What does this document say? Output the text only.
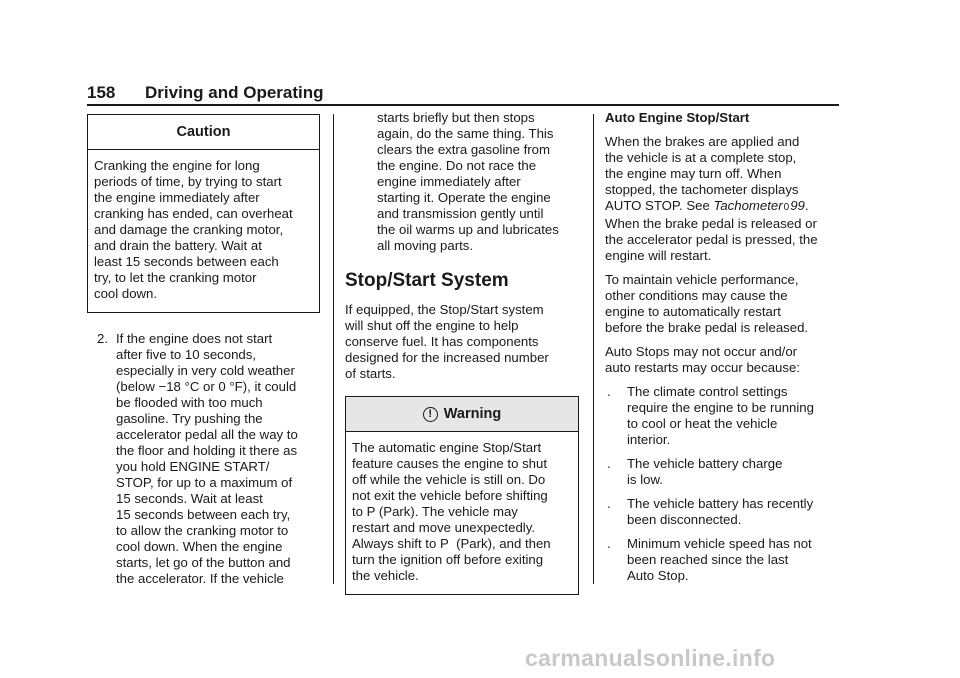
158 Driving and Operating
Caution
Cranking the engine for long
periods of time, by trying to start
the engine immediately after
cranking has ended, can overheat
and damage the cranking motor,
and drain the battery. Wait at
least 15 seconds between each
try, to let the cranking motor
cool down.
2. If the engine does not start
after five to 10 seconds,
especially in very cold weather
(below −18 °C or 0 °F), it could
be flooded with too much
gasoline. Try pushing the
accelerator pedal all the way to
the floor and holding it there as
you hold ENGINE START/
STOP, for up to a maximum of
15 seconds. Wait at least
15 seconds between each try,
to allow the cranking motor to
cool down. When the engine
starts, let go of the button and
the accelerator. If the vehicle
starts briefly but then stops
again, do the same thing. This
clears the extra gasoline from
the engine. Do not race the
engine immediately after
starting it. Operate the engine
and transmission gently until
the oil warms up and lubricates
all moving parts.
Stop/Start System
If equipped, the Stop/Start system
will shut off the engine to help
conserve fuel. It has components
designed for the increased number
of starts.
! Warning
The automatic engine Stop/Start
feature causes the engine to shut
off while the vehicle is still on. Do
not exit the vehicle before shifting
to P (Park). The vehicle may
restart and move unexpectedly.
Always shift to P  (Park), and then
turn the ignition off before exiting
the vehicle.
Auto Engine Stop/Start
When the brakes are applied and
the vehicle is at a complete stop,
the engine may turn off. When
stopped, the tachometer displays
AUTO STOP. See Tachometer099.
When the brake pedal is released or
the accelerator pedal is pressed, the
engine will restart.
To maintain vehicle performance,
other conditions may cause the
engine to automatically restart
before the brake pedal is released.
Auto Stops may not occur and/or
auto restarts may occur because:
. The climate control settings
require the engine to be running
to cool or heat the vehicle
interior.
. The vehicle battery charge
is low.
. The vehicle battery has recently
been disconnected.
. Minimum vehicle speed has not
been reached since the last
Auto Stop.
carmanualsonline.info
